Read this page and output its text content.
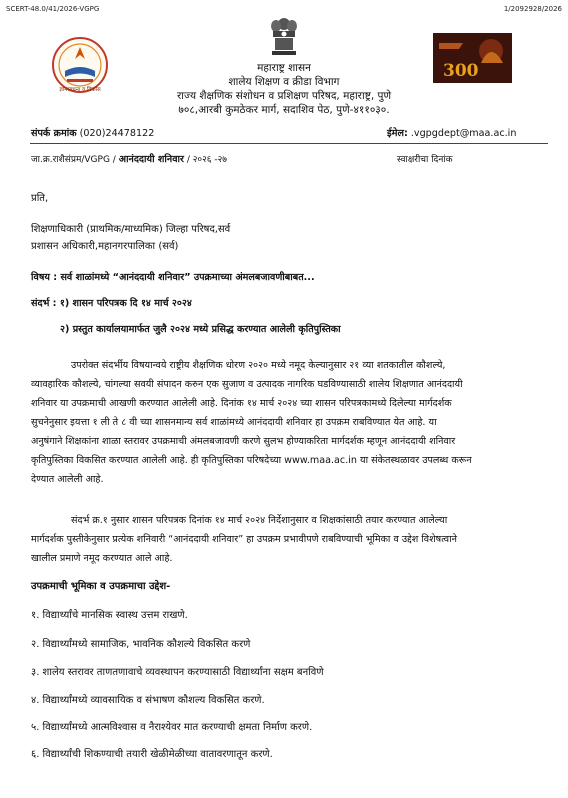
SCERT-48.0/41/2026-VGPG	1/2092928/2026
ज्ञानसाधना व विकास
300
महाराष्ट्र शासन
शालेय शिक्षण व क्रीडा विभाग
राज्य शैक्षणिक संशोधन व प्रशिक्षण परिषद, महाराष्ट्र, पुणे
७०८,आरबी कुमठेकर मार्ग, सदाशिव पेठ, पुणे-४११०३०.
संपर्क क्रमांक (020)24478122	ईमेल: .vgpgdept@maa.ac.in
जा.क्र.राशैसंप्रम/VGPG / आनंददायी शनिवार / २०२६ -२७	स्वाक्षरीचा दिनांक
प्रति,
शिक्षणाधिकारी (प्राथमिक/माध्यमिक) जिल्हा परिषद,सर्व
प्रशासन अधिकारी,महानगरपालिका (सर्व)
विषय : सर्व शाळांमध्ये “आनंददायी शनिवार” उपक्रमाच्या अंमलबजावणीबाबत...
संदर्भ : १) शासन परिपत्रक दि १४ मार्च २०२४
२) प्रस्तुत कार्यालयामार्फत जुलै २०२४ मध्ये प्रसिद्ध करण्यात आलेली कृतिपुस्तिका
उपरोक्त संदर्भीय विषयान्वये राष्ट्रीय शैक्षणिक धोरण २०२० मध्ये नमूद केल्यानुसार २१ व्या शतकातील कौशल्ये,
व्यावहारिक कौशल्ये, चांगल्या सवयी संपादन करुन एक सुजाण व उत्पादक नागरिक घडविण्यासाठी शालेय शिक्षणात आनंददायी
शनिवार या उपक्रमाची आखणी करण्यात आलेली आहे. दिनांक १४ मार्च २०२४ च्या शासन परिपत्रकामध्ये दिलेल्या मार्गदर्शक
सुचनेनुसार इयत्ता १ ली ते ८ वी च्या शासनमान्य सर्व शाळांमध्ये आनंददायी शनिवार हा उपक्रम राबविण्यात येत आहे. या
अनुषंगाने शिक्षकांना शाळा स्तरावर उपक्रमाची अंमलबजावणी करणे सुलभ होण्याकरिता मार्गदर्शक म्हणून आनंददायी शनिवार
कृतिपुस्तिका विकसित करण्यात आलेली आहे. ही कृतिपुस्तिका परिषदेच्या www.maa.ac.in या संकेतस्थळावर उपलब्ध करून
देण्यात आलेली आहे.
संदर्भ क्र.१ नुसार शासन परिपत्रक दिनांक १४ मार्च २०२४ निर्देशानुसार व शिक्षकांसाठी तयार करण्यात आलेल्या
मार्गदर्शक पुस्तीकेनुसार प्रत्येक शनिवारी “आनंददायी शनिवार” हा उपक्रम प्रभावीपणे राबविण्याची भूमिका व उद्देश विशेषत्वाने
खालील प्रमाणे नमूद करण्यात आले आहे.
उपक्रमाची भूमिका व उपक्रमाचा उद्देश-
१. विद्यार्थ्यांचे मानसिक स्वास्थ उत्तम राखणे.
२. विद्यार्थ्यांमध्ये सामाजिक, भावनिक कौशल्ये विकसित करणे
३. शालेय स्तरावर ताणतणावाचे व्यवस्थापन करण्यासाठी विद्यार्थ्यांना सक्षम बनविणे
४. विद्यार्थ्यांमध्ये व्यावसायिक व संभाषण कौशल्य विकसित करणे.
५. विद्यार्थ्यांमध्ये आत्मविश्वास व नैराश्येवर मात करण्याची क्षमता निर्माण करणे.
६. विद्यार्थ्यांची शिकण्याची तयारी खेळीमेळीच्या वातावरणातून करणे.
